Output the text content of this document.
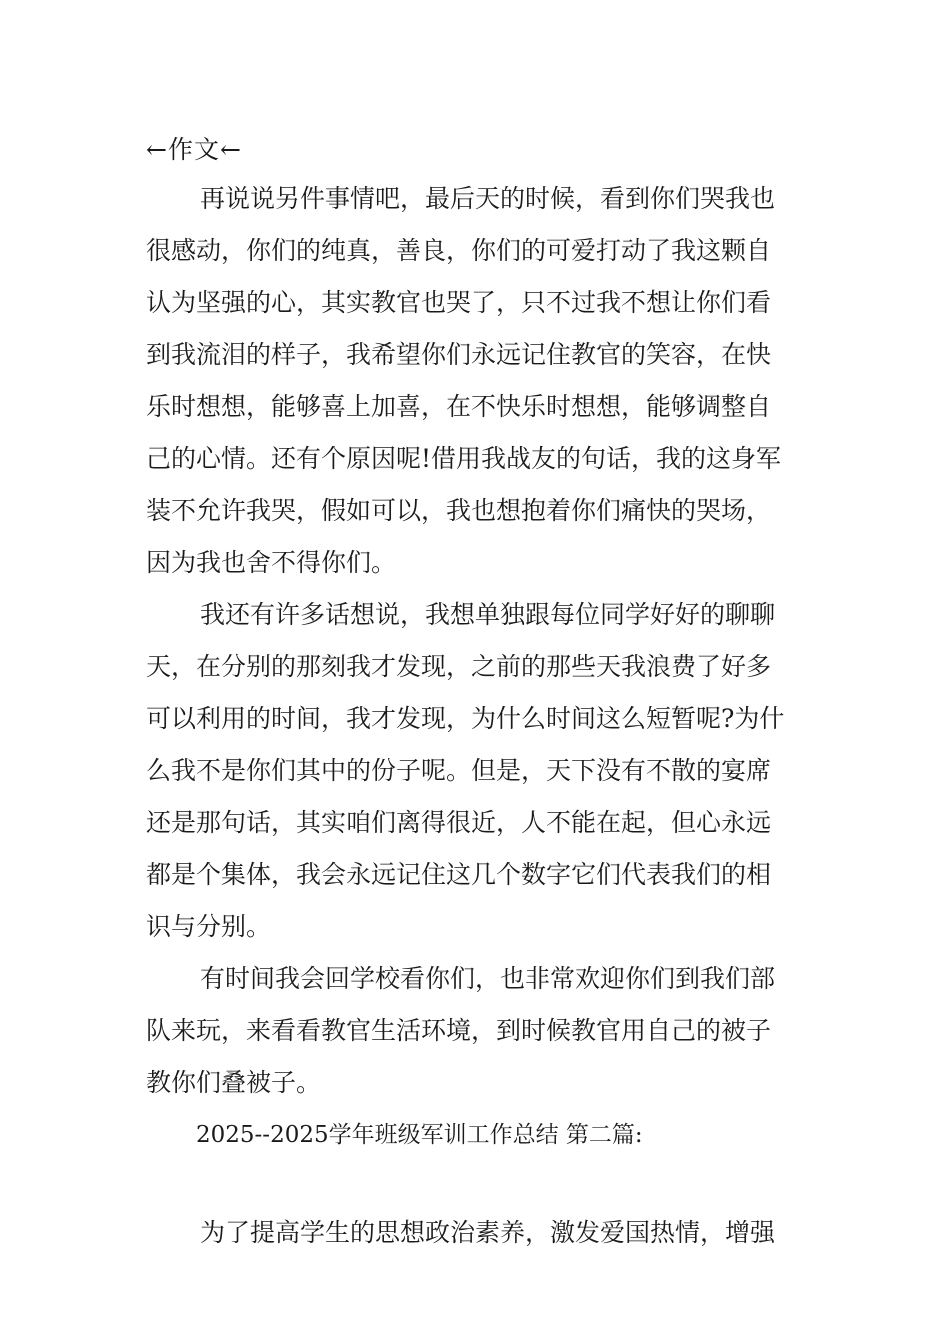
←作文←
再说说另件事情吧，最后天的时候，看到你们哭我也
很感动，你们的纯真，善良，你们的可爱打动了我这颗自
认为坚强的心，其实教官也哭了，只不过我不想让你们看
到我流泪的样子，我希望你们永远记住教官的笑容，在快
乐时想想，能够喜上加喜，在不快乐时想想，能够调整自
己的心情。还有个原因呢!借用我战友的句话，我的这身军
装不允许我哭，假如可以，我也想抱着你们痛快的哭场，
因为我也舍不得你们。
我还有许多话想说，我想单独跟每位同学好好的聊聊
天，在分别的那刻我才发现，之前的那些天我浪费了好多
可以利用的时间，我才发现，为什么时间这么短暂呢?为什
么我不是你们其中的份子呢。但是，天下没有不散的宴席
还是那句话，其实咱们离得很近，人不能在起，但心永远
都是个集体，我会永远记住这几个数字它们代表我们的相
识与分别。
有时间我会回学校看你们，也非常欢迎你们到我们部
队来玩，来看看教官生活环境，到时候教官用自己的被子
教你们叠被子。
2025--2025学年班级军训工作总结 第二篇:
为了提高学生的思想政治素养，激发爱国热情，增强
